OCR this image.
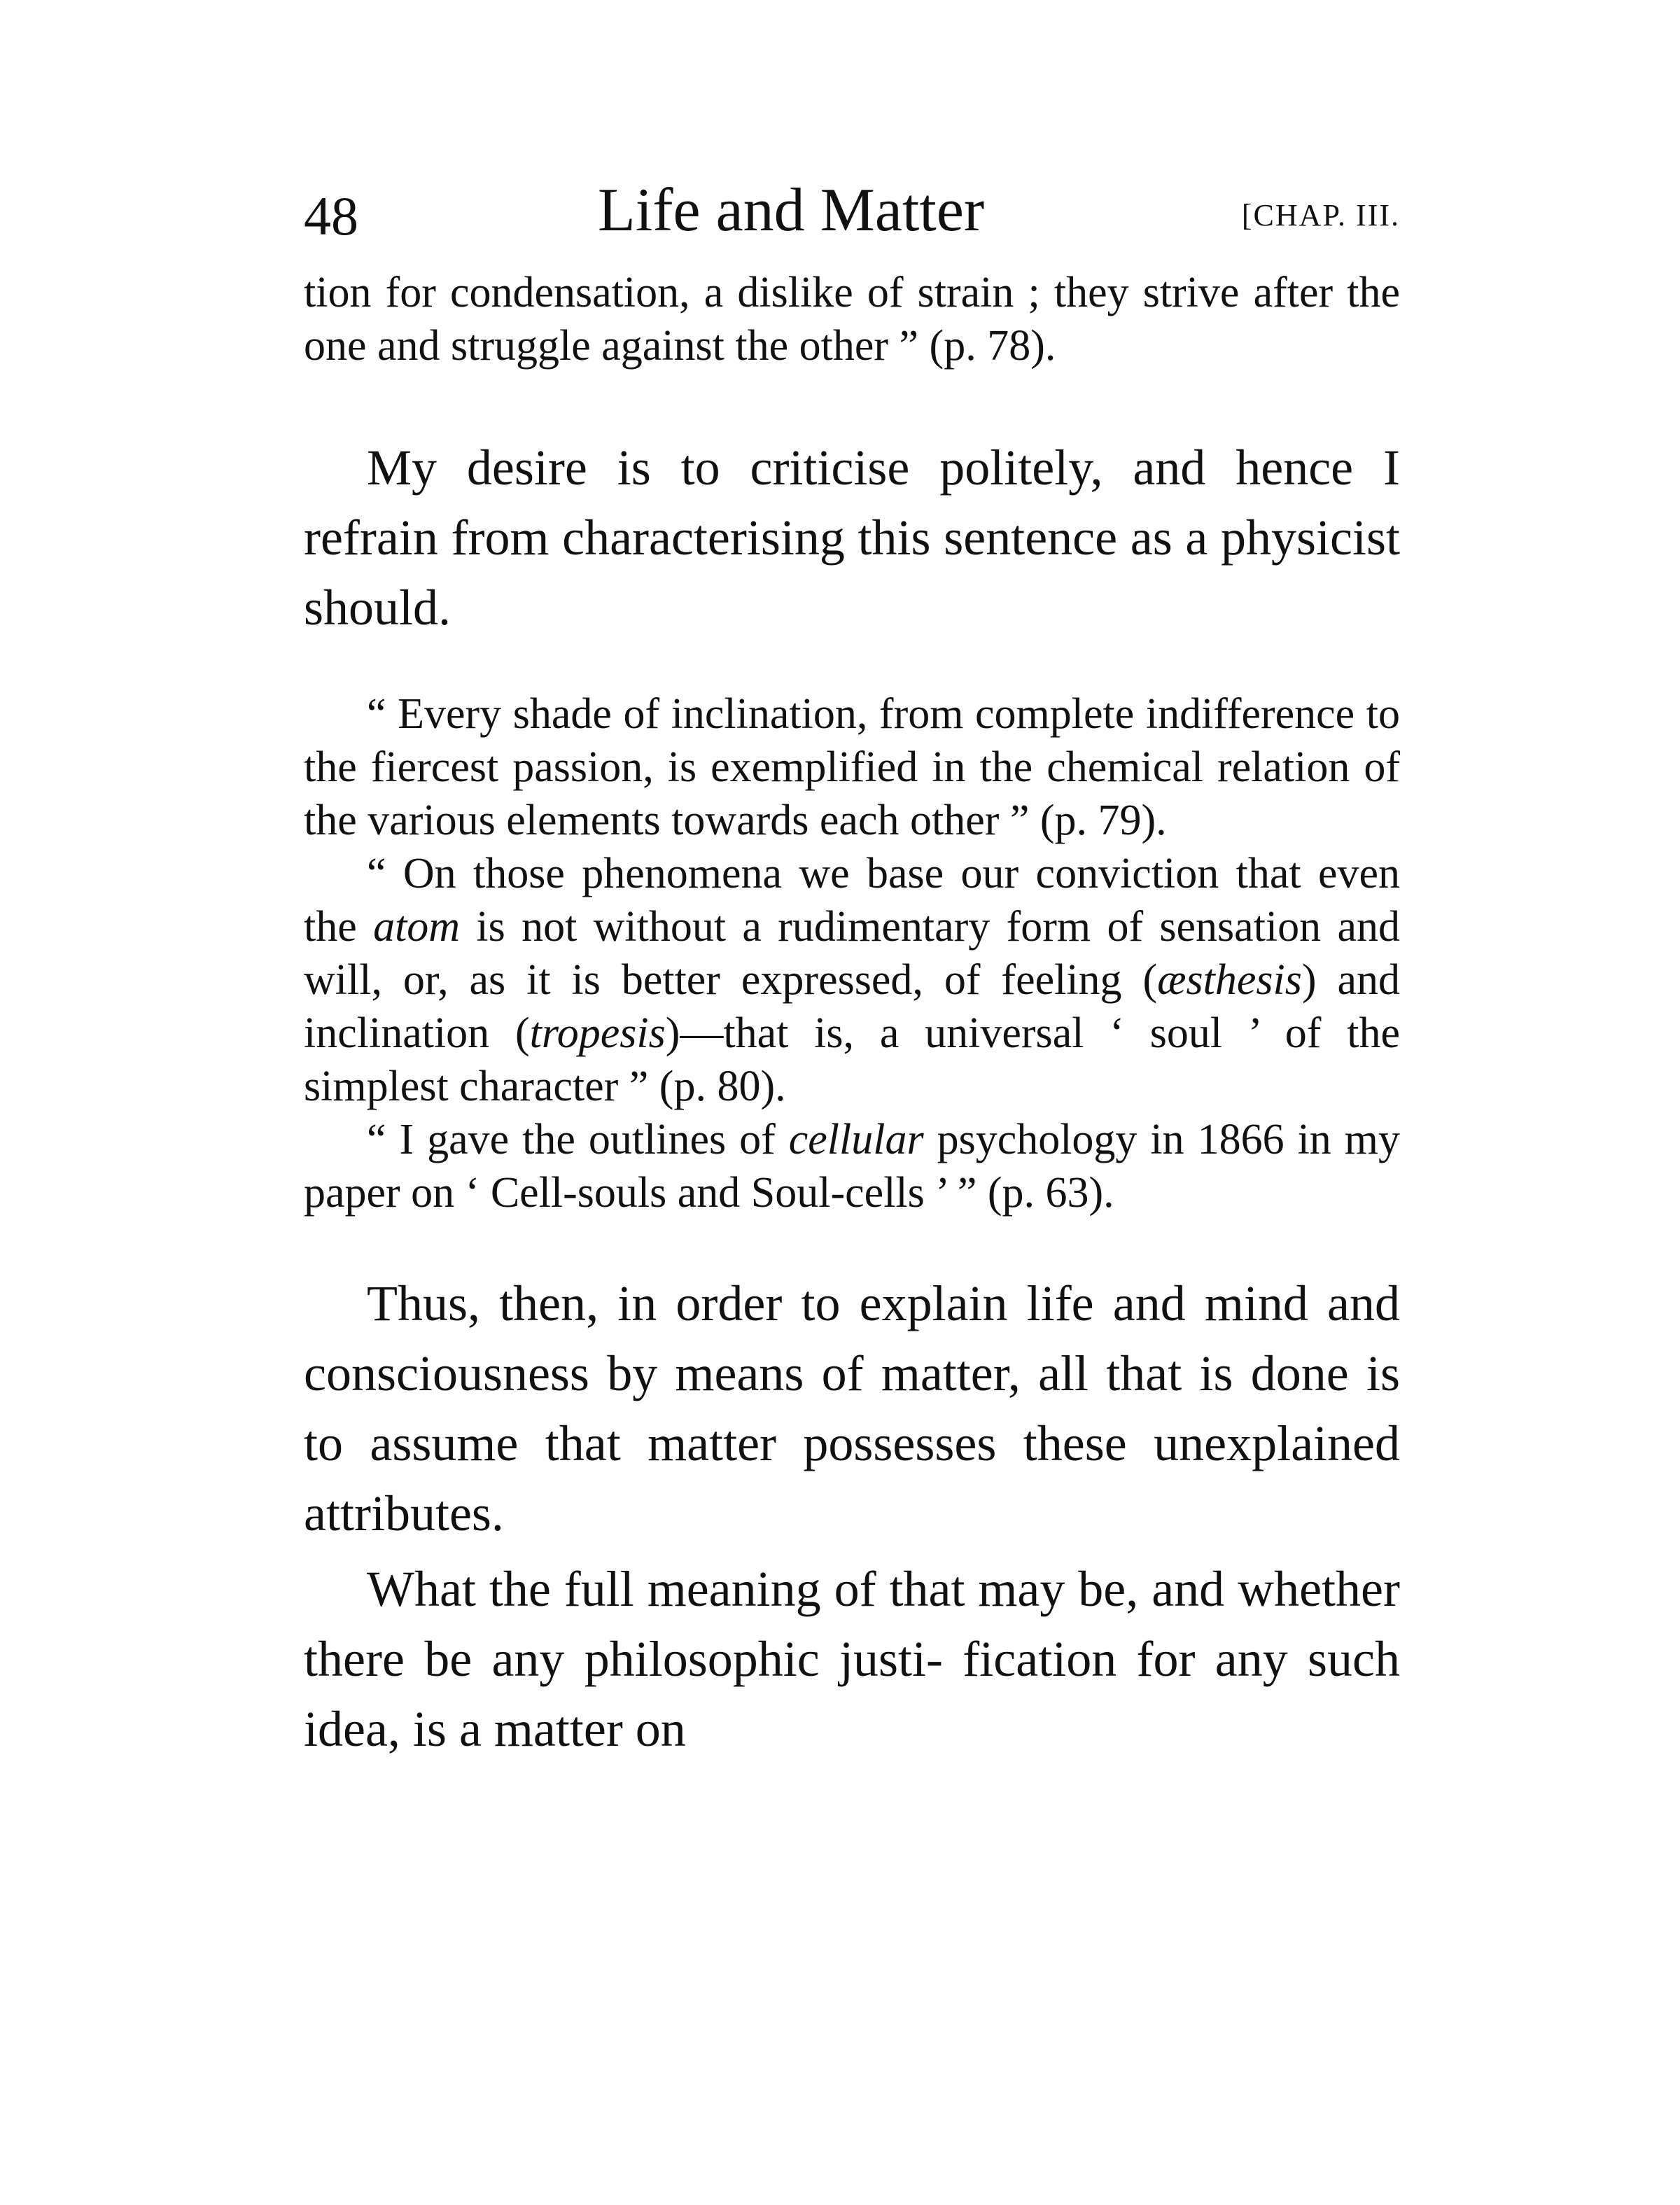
48	Life and Matter	[CHAP. III.

tion for condensation, a dislike of strain ; they strive after the one and struggle against the other ” (p. 78).

My desire is to criticise politely, and hence I refrain from characterising this sentence as a physicist should.

“ Every shade of inclination, from complete indifference to the fiercest passion, is exemplified in the chemical relation of the various elements towards each other ” (p. 79).

“ On those phenomena we base our conviction that even the atom is not without a rudimentary form of sensation and will, or, as it is better expressed, of feeling (æsthesis) and inclination (tropesis)—that is, a universal ‘ soul ’ of the simplest character ” (p. 80).

“ I gave the outlines of cellular psychology in 1866 in my paper on ‘ Cell-souls and Soul-cells ’ ” (p. 63).

Thus, then, in order to explain life and mind and consciousness by means of matter, all that is done is to assume that matter possesses these unexplained attributes.

What the full meaning of that may be, and whether there be any philosophic justi- fication for any such idea, is a matter on
